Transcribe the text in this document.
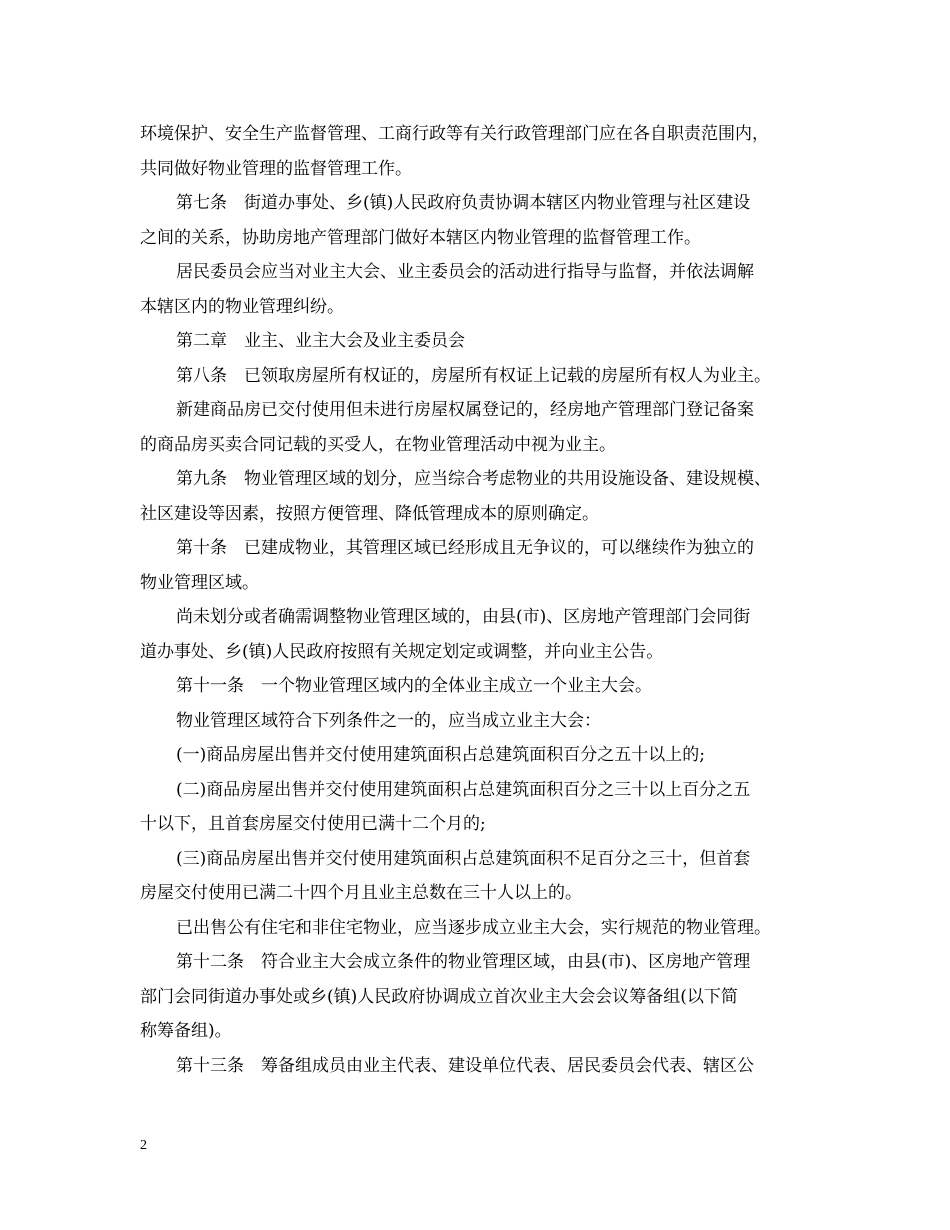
环境保护、安全生产监督管理、工商行政等有关行政管理部门应在各自职责范围内，
共同做好物业管理的监督管理工作。
第七条　街道办事处、乡(镇)人民政府负责协调本辖区内物业管理与社区建设
之间的关系，协助房地产管理部门做好本辖区内物业管理的监督管理工作。
居民委员会应当对业主大会、业主委员会的活动进行指导与监督，并依法调解
本辖区内的物业管理纠纷。
第二章　业主、业主大会及业主委员会
第八条　已领取房屋所有权证的，房屋所有权证上记载的房屋所有权人为业主。
新建商品房已交付使用但未进行房屋权属登记的，经房地产管理部门登记备案
的商品房买卖合同记载的买受人，在物业管理活动中视为业主。
第九条　物业管理区域的划分，应当综合考虑物业的共用设施设备、建设规模、
社区建设等因素，按照方便管理、降低管理成本的原则确定。
第十条　已建成物业，其管理区域已经形成且无争议的，可以继续作为独立的
物业管理区域。
尚未划分或者确需调整物业管理区域的，由县(市)、区房地产管理部门会同街
道办事处、乡(镇)人民政府按照有关规定划定或调整，并向业主公告。
第十一条　一个物业管理区域内的全体业主成立一个业主大会。
物业管理区域符合下列条件之一的，应当成立业主大会：
(一)商品房屋出售并交付使用建筑面积占总建筑面积百分之五十以上的;
(二)商品房屋出售并交付使用建筑面积占总建筑面积百分之三十以上百分之五
十以下，且首套房屋交付使用已满十二个月的;
(三)商品房屋出售并交付使用建筑面积占总建筑面积不足百分之三十，但首套
房屋交付使用已满二十四个月且业主总数在三十人以上的。
已出售公有住宅和非住宅物业，应当逐步成立业主大会，实行规范的物业管理。
第十二条　符合业主大会成立条件的物业管理区域，由县(市)、区房地产管理
部门会同街道办事处或乡(镇)人民政府协调成立首次业主大会会议筹备组(以下简
称筹备组)。
第十三条　筹备组成员由业主代表、建设单位代表、居民委员会代表、辖区公
2
